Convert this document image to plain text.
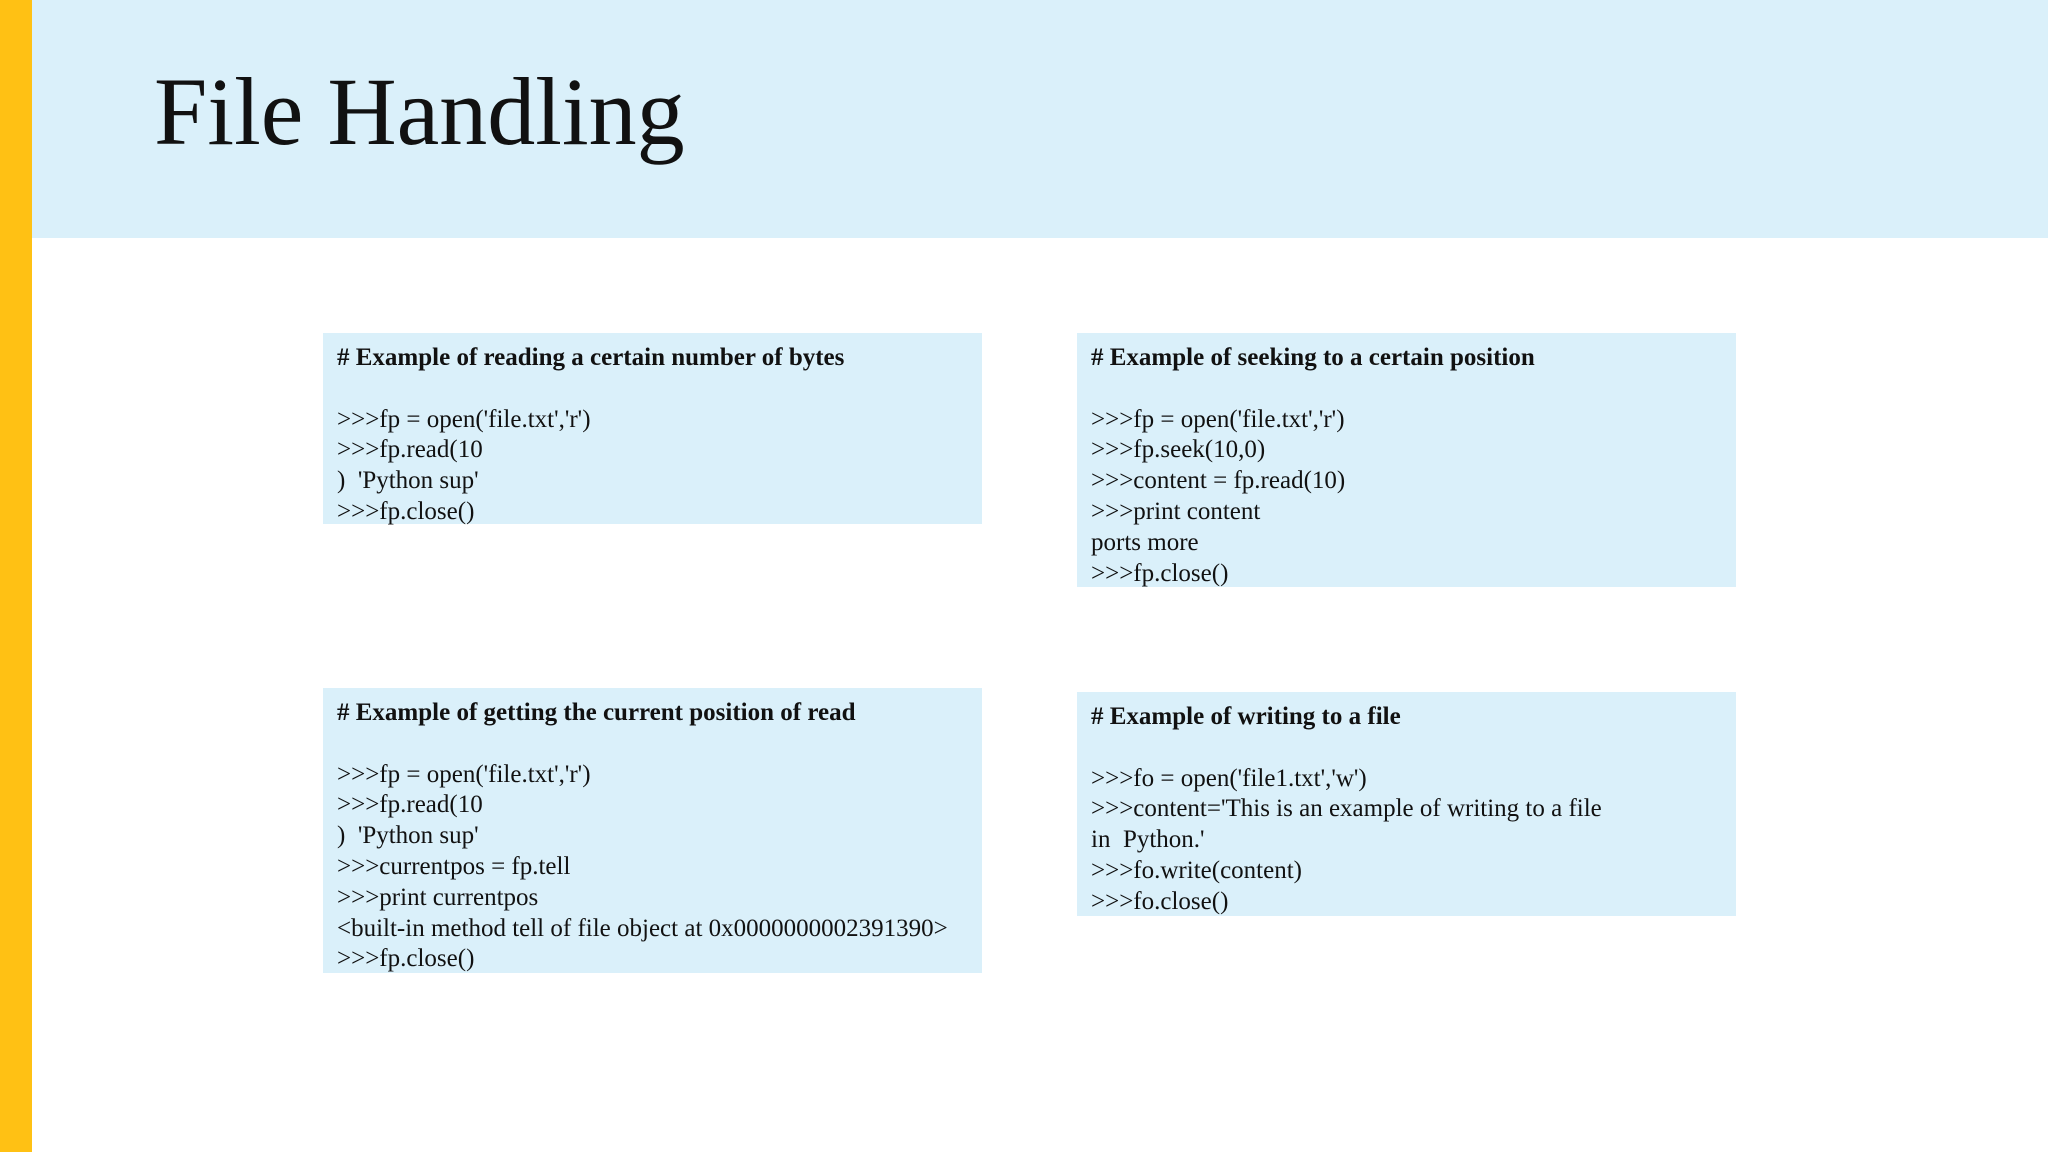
File Handling
# Example of reading a certain number of bytes
>>>fp = open('file.txt','r')
>>>fp.read(10
)  'Python sup'
>>>fp.close()
# Example of seeking to a certain position
>>>fp = open('file.txt','r')
>>>fp.seek(10,0)
>>>content = fp.read(10)
>>>print content
ports more
>>>fp.close()
# Example of getting the current position of read
>>>fp = open('file.txt','r')
>>>fp.read(10
)  'Python sup'
>>>currentpos = fp.tell
>>>print currentpos
<built-in method tell of file object at 0x0000000002391390>
>>>fp.close()
# Example of writing to a file
>>>fo = open('file1.txt','w')
>>>content='This is an example of writing to a file
in  Python.'
>>>fo.write(content)
>>>fo.close()
